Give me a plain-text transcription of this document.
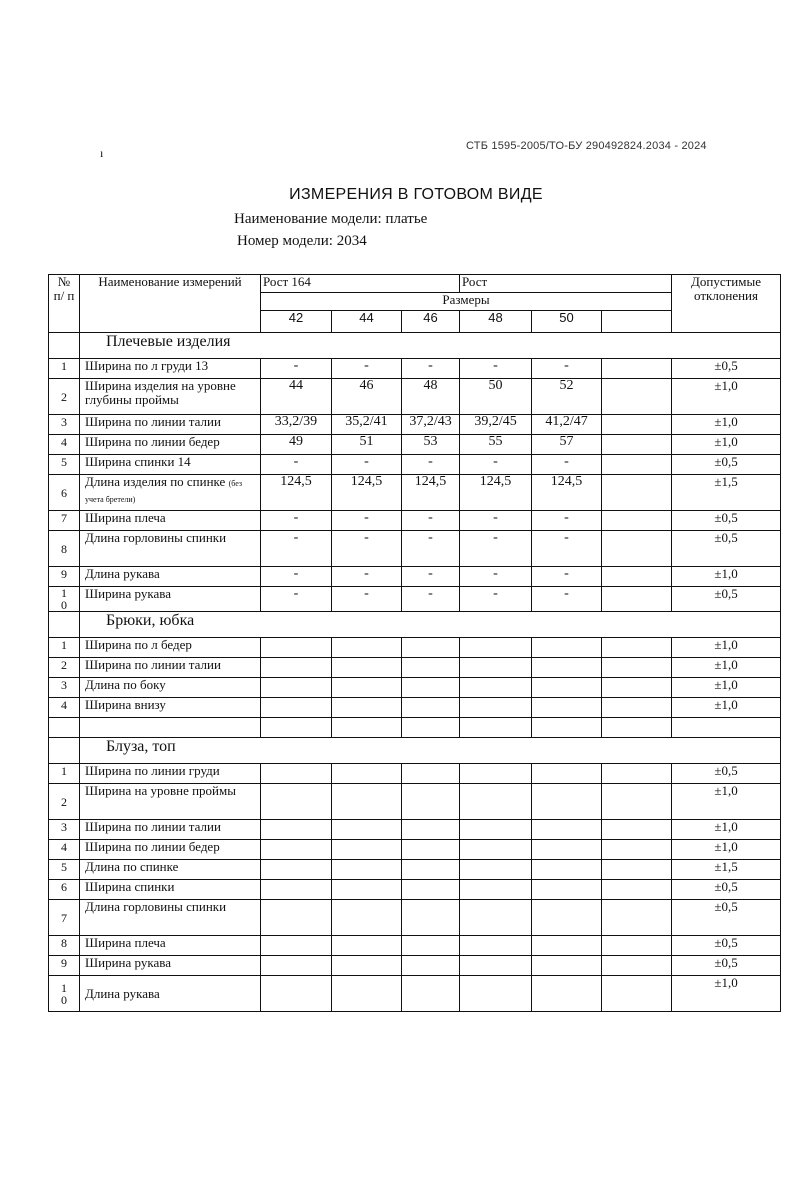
ı	СТБ 1595-2005/ТО-БУ 290492824.2034 - 2024
ИЗМЕРЕНИЯ В ГОТОВОМ ВИДЕ
Наименование модели: платье
Номер модели: 2034
№ п/ п	Наименование измерений	Рост 164			Рост			Допустимые отклонения
		Размеры						
		42	44	46	48	50		
	Плечевые изделия							
1	Ширина по л груди 13	-	-	-	-	-		±0,5
2	Ширина изделия на уровне глубины проймы	44	46	48	50	52		±1,0
3	Ширина по линии талии	33,2/39	35,2/41	37,2/43	39,2/45	41,2/47		±1,0
4	Ширина по линии бедер	49	51	53	55	57		±1,0
5	Ширина спинки 14	-	-	-	-	-		±0,5
6	Длина изделия по спинке (без учета бретели)	124,5	124,5	124,5	124,5	124,5		±1,5
7	Ширина плеча	-	-	-	-	-		±0,5
8	Длина горловины спинки	-	-	-	-	-		±0,5
9	Длина рукава	-	-	-	-	-		±1,0

1
0	Ширина рукава	-	-	-	-	-		±0,5
	Брюки, юбка							
1	Ширина по л бедер							±1,0
2	Ширина по линии талии							±1,0
3	Длина по боку							±1,0
4	Ширина внизу							±1,0

	Блуза, топ							
1	Ширина по линии груди							±0,5
2	Ширина на уровне проймы							±1,0
3	Ширина по линии талии							±1,0
4	Ширина по линии бедер							±1,0
5	Длина по спинке							±1,5
6	Ширина спинки							±0,5
7	Длина горловины спинки							±0,5
8	Ширина плеча							±0,5
9	Ширина рукава							±0,5

1
0	Длина рукава							±1,0
